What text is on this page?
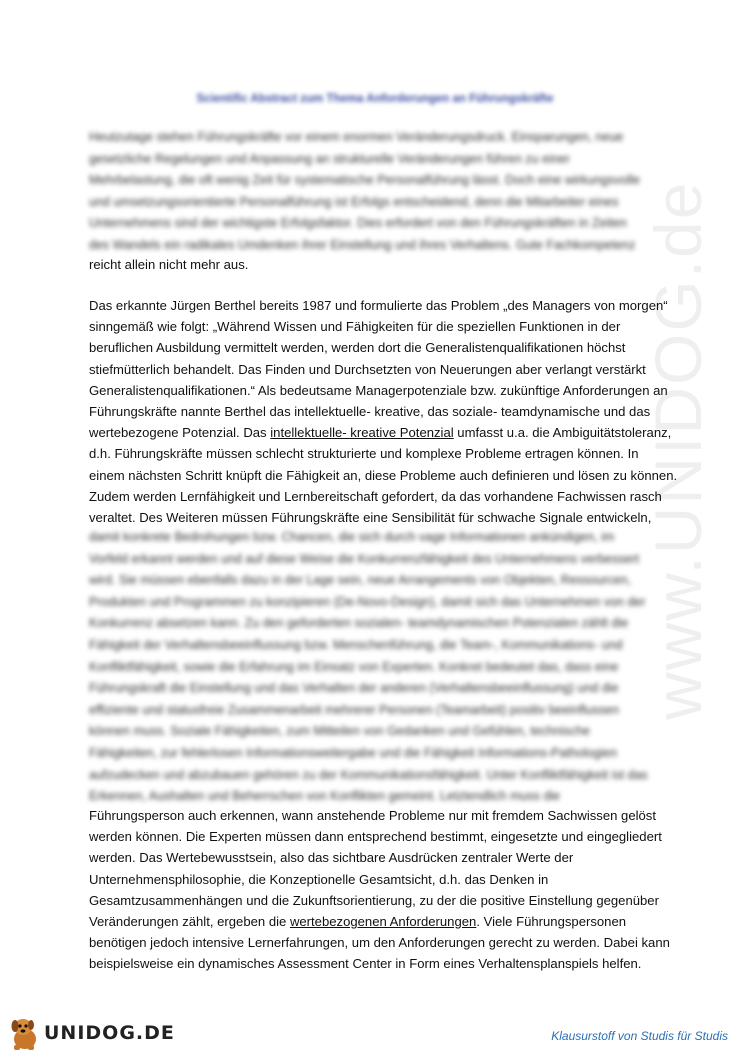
Scientific Abstract zum Thema Anforderungen an Führungskräfte
Heutzutage stehen Führungskräfte vor einem enormen Veränderungsdruck. Einsparungen, neue
gesetzliche Regelungen und Anpassung an strukturelle Veränderungen führen zu einer
Mehrbelastung, die oft wenig Zeit für systematische Personalführung lässt. Doch eine wirkungsvolle
und umsetzungsorientierte Personalführung ist Erfolgs entscheidend, denn die Mitarbeiter eines
Unternehmens sind der wichtigste Erfolgsfaktor. Dies erfordert von den Führungskräften in Zeiten
des Wandels ein radikales Umdenken ihrer Einstellung und ihres Verhaltens. Gute Fachkompetenz
reicht allein nicht mehr aus.
Das erkannte Jürgen Berthel bereits 1987 und formulierte das Problem „des Managers von morgen“
sinngemäß wie folgt: „Während Wissen und Fähigkeiten für die speziellen Funktionen in der
beruflichen Ausbildung vermittelt werden, werden dort die Generalistenqualifikationen höchst
stiefmütterlich behandelt. Das Finden und Durchsetzten von Neuerungen aber verlangt verstärkt
Generalistenqualifikationen.“ Als bedeutsame Managerpotenziale bzw. zukünftige Anforderungen an
Führungskräfte nannte Berthel das intellektuelle- kreative, das soziale- teamdynamische und das
wertebezogene Potenzial. Das intellektuelle- kreative Potenzial umfasst u.a. die Ambiguitätstoleranz,
d.h. Führungskräfte müssen schlecht strukturierte und komplexe Probleme ertragen können. In
einem nächsten Schritt knüpft die Fähigkeit an, diese Probleme auch definieren und lösen zu können.
Zudem werden Lernfähigkeit und Lernbereitschaft gefordert, da das vorhandene Fachwissen rasch
veraltet. Des Weiteren müssen Führungskräfte eine Sensibilität für schwache Signale entwickeln,
damit konkrete Bedrohungen bzw. Chancen, die sich durch vage Informationen ankündigen, im
Vorfeld erkannt werden und auf diese Weise die Konkurrenzfähigkeit des Unternehmens verbessert
wird. Sie müssen ebenfalls dazu in der Lage sein, neue Arrangements von Objekten, Ressourcen,
Produkten und Programmen zu konzipieren (De-Novo-Design), damit sich das Unternehmen von der
Konkurrenz absetzen kann. Zu den geforderten sozialen- teamdynamischen Potenzialen zählt die
Fähigkeit der Verhaltensbeeinflussung bzw. Menschenführung, die Team-, Kommunikations- und
Konfliktfähigkeit, sowie die Erfahrung im Einsatz von Experten. Konkret bedeutet das, dass eine
Führungskraft die Einstellung und das Verhalten der anderen (Verhaltensbeeinflussung) und die
effiziente und statusfreie Zusammenarbeit mehrerer Personen (Teamarbeit) positiv beeinflussen
können muss. Soziale Fähigkeiten, zum Mitteilen von Gedanken und Gefühlen, technische
Fähigkeiten, zur fehlerlosen Informationsweitergabe und die Fähigkeit Informations-Pathologien
aufzudecken und abzubauen gehören zu der Kommunikationsfähigkeit. Unter Konfliktfähigkeit ist das
Erkennen, Aushalten und Beherrschen von Konflikten gemeint. Letztendlich muss die
Führungsperson auch erkennen, wann anstehende Probleme nur mit fremdem Sachwissen gelöst
werden können. Die Experten müssen dann entsprechend bestimmt, eingesetzte und eingegliedert
werden. Das Wertebewusstsein, also das sichtbare Ausdrücken zentraler Werte der
Unternehmensphilosophie, die Konzeptionelle Gesamtsicht, d.h. das Denken in
Gesamtzusammenhängen und die Zukunftsorientierung, zu der die positive Einstellung gegenüber
Veränderungen zählt, ergeben die wertebezogenen Anforderungen. Viele Führungspersonen
benötigen jedoch intensive Lernerfahrungen, um den Anforderungen gerecht zu werden. Dabei kann
beispielsweise ein dynamisches Assessment Center in Form eines Verhaltensplanspiels helfen.
www.UNIDOG.de
UNIDOG.DE	Klausurstoff von Studis für Studis
